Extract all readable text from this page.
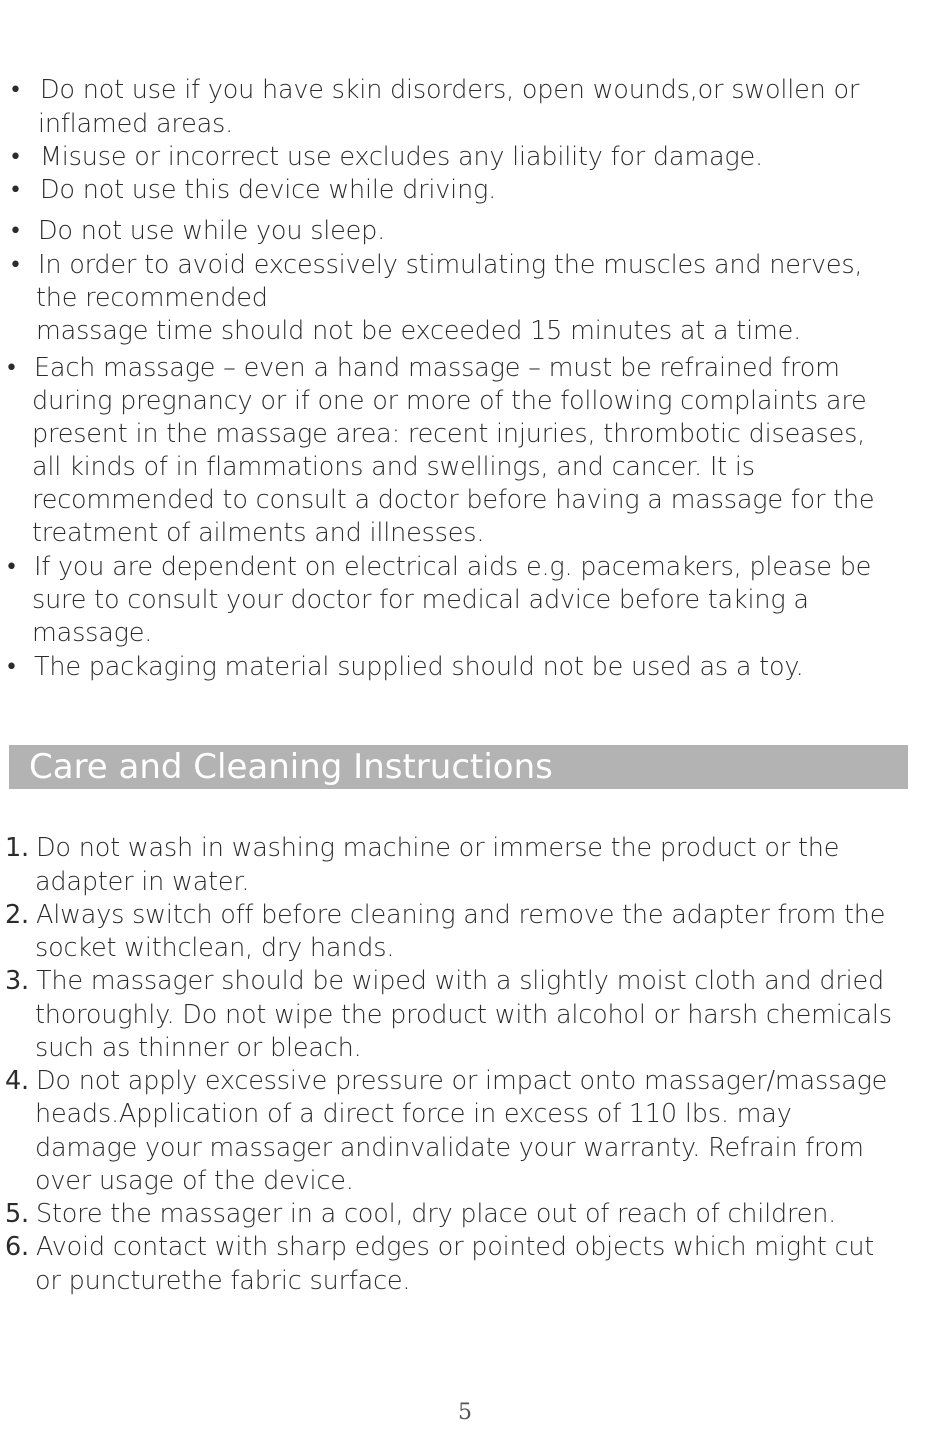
• Do not use if you have skin disorders, open wounds,or swollen or

inflamed areas.

• Misuse or incorrect use excludes any liability for damage.

• Do not use this device while driving.

• Do not use while you sleep.

• In order to avoid excessively stimulating the muscles and nerves,

the recommended

massage time should not be exceeded 15 minutes at a time.

• Each massage – even a hand massage – must be refrained from

during pregnancy or if one or more of the following complaints are

present in the massage area: recent injuries, thrombotic diseases,

all kinds of in flammations and swellings, and cancer. It is

recommended to consult a doctor before having a massage for the

treatment of ailments and illnesses.

• If you are dependent on electrical aids e.g. pacemakers, please be

sure to consult your doctor for medical advice before taking a

massage.

• The packaging material supplied should not be used as a toy.

Care and Cleaning Instructions
1. Do not wash in washing machine or immerse the product or the

adapter in water.

2. Always switch off before cleaning and remove the adapter from the

socket withclean, dry hands.

3. The massager should be wiped with a slightly moist cloth and dried

thoroughly. Do not wipe the product with alcohol or harsh chemicals

such as thinner or bleach.

4. Do not apply excessive pressure or impact onto massager/massage

heads.Application of a direct force in excess of 110 lbs. may

damage your massager andinvalidate your warranty. Refrain from

over usage of the device.

5. Store the massager in a cool, dry place out of reach of children.

6. Avoid contact with sharp edges or pointed objects which might cut

or puncturethe fabric surface.

5
